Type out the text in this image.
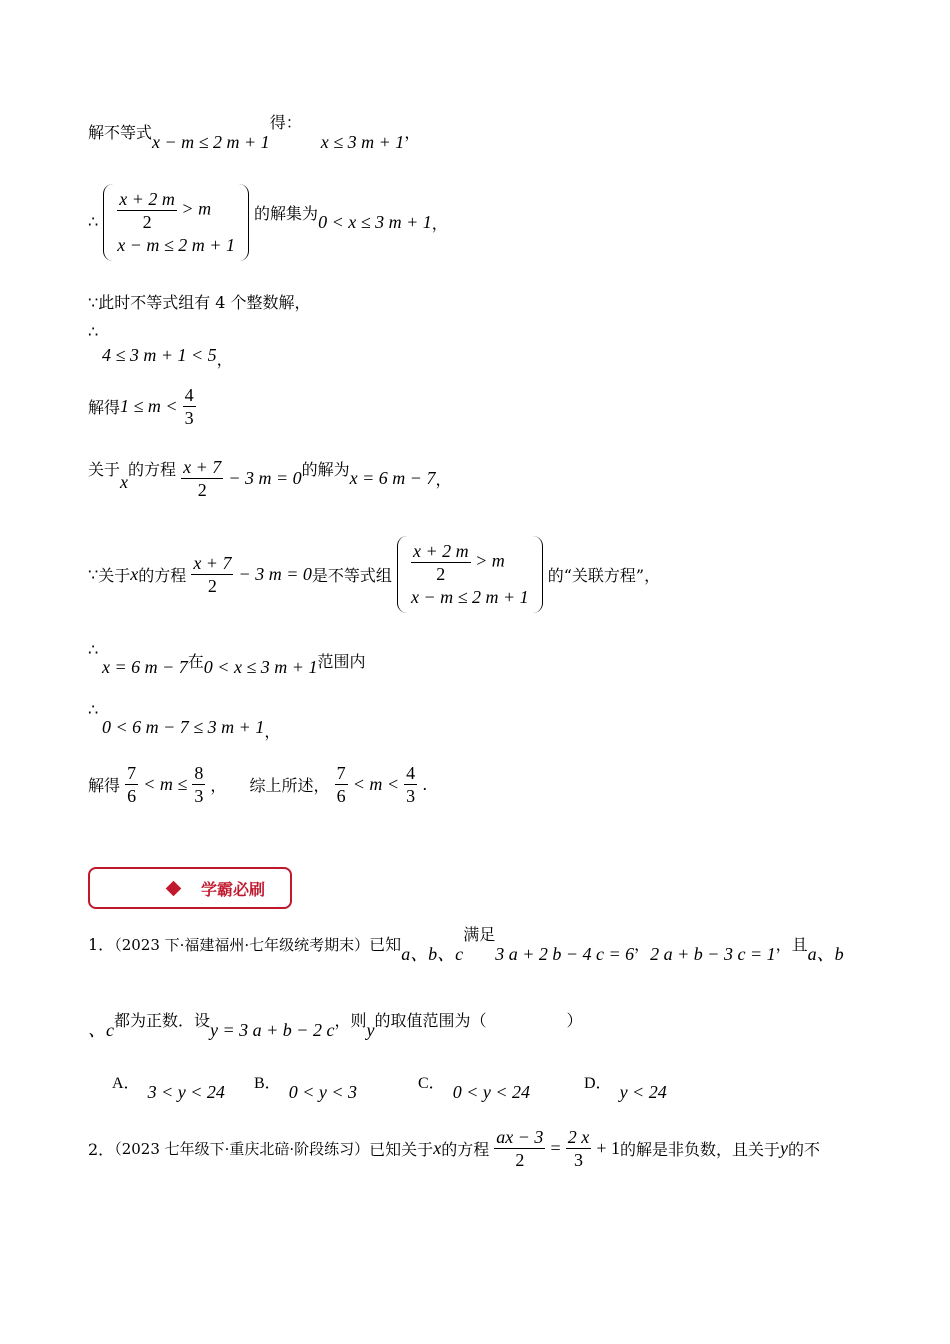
解不等式x − m ≤ 2 m + 1得： x ≤ 3 m + 1，
∴ $\frac{x + 2 m}{2} > m$
x − m ≤ 2 m + 1
的解集为0 < x ≤ 3 m + 1，
∵此时不等式组有 4 个整数解，
∴
4 ≤ 3 m + 1 < 5，
解得$1 \le m < \frac{4}{3}$
关于x的方程 $\frac{x + 7}{2} - 3$ m = 0的解为x = 6 m − 7，
∵关于x的方程 $\frac{x + 7}{2} - 3$ m = 0是不等式组 $\frac{x + 2 m}{2} > m$
x − m ≤ 2 m + 1
的“关联方程”，
∴
x = 6 m − 7在0 < x ≤ 3 m + 1范围内
∴
0 < 6 m − 7 ≤ 3 m + 1，
解得 $\frac{7}{6} < m \le \frac{8}{3}$ ， 综上所述， $\frac{7}{6} < m < \frac{4}{3}$ .
学霸必刷
1．（2023 下·福建福州·七年级统考期末）已知a、b、c满足3 a + 2 b − 4 c = 6，2 a + b − 3 c = 1，且a、b
、c都为正数．设y = 3 a + b − 2 c，则y的取值范围为（　　　　　）
A． 3 < y < 24 B． 0 < y < 3	C． 0 < y < 24	D． y < 24
2．（2023 七年级下·重庆北碚·阶段练习）已知关于x的方程 $\frac{ax - 3}{2} = \frac{2 x}{3} + 1$的解是非负数，且关于y的不
